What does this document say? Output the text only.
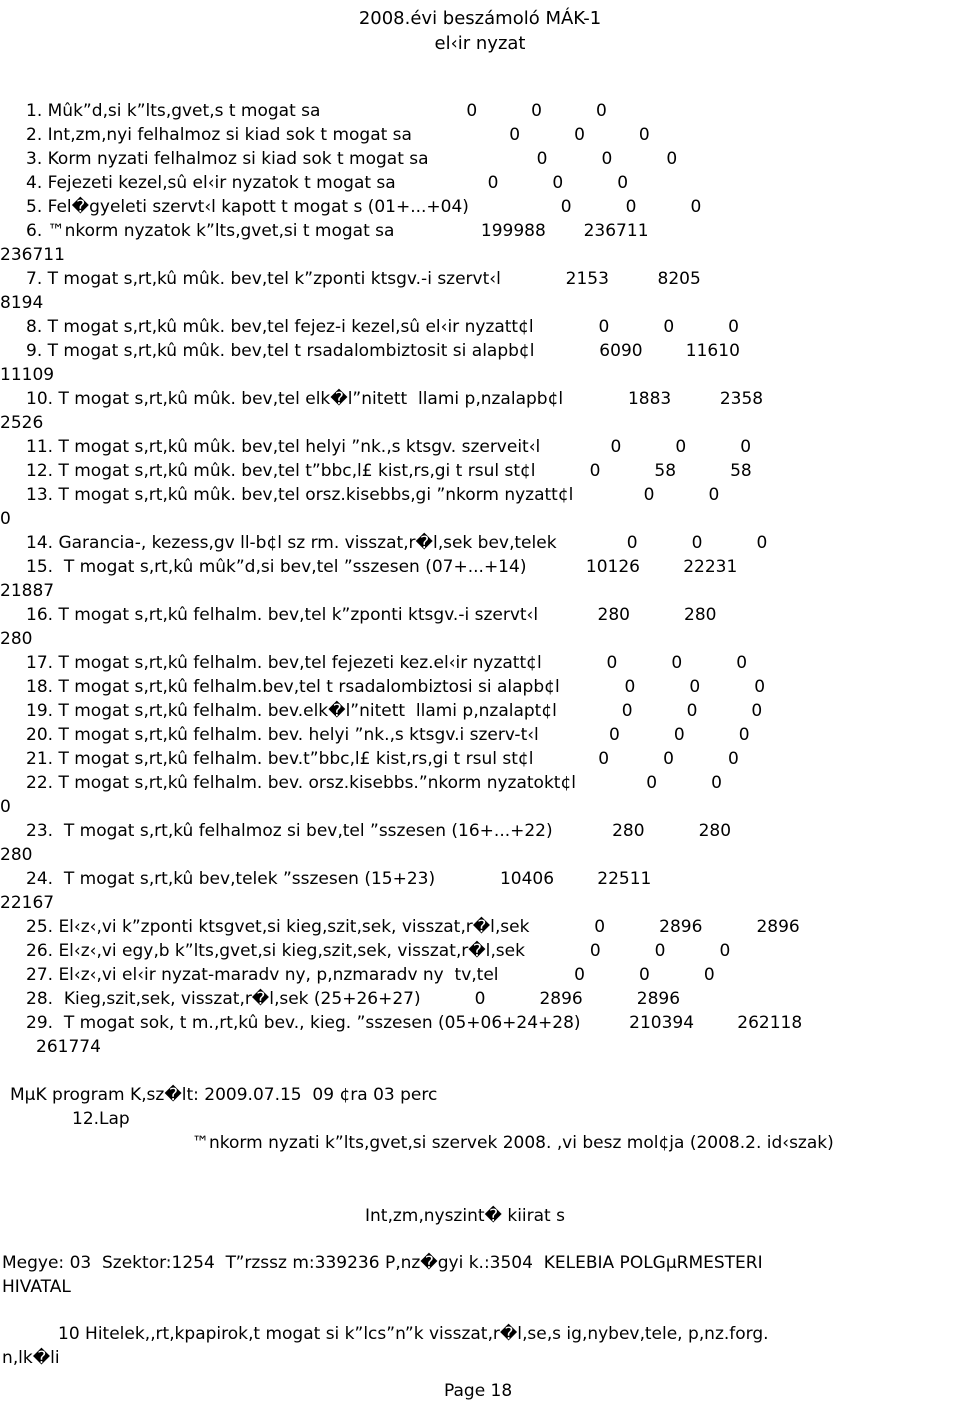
2008.évi beszámoló MÁK-1
el‹ir nyzat
1. Mûk”d‚si k”lts‚gvet‚s t mogat sa                           0          0          0
2. Int‚zm‚nyi felhalmoz si kiad sok t mogat sa                  0          0          0
3. Korm nyzati felhalmoz si kiad sok t mogat sa                    0          0          0
4. Fejezeti kezel‚sû el‹ir nyzatok t mogat sa                 0          0          0
5. Fel�gyeleti szervt‹l kapott t mogat s (01+...+04)                 0          0          0
6. ™nkorm nyzatok k”lts‚gvet‚si t mogat sa                199988       236711
236711
7. T mogat s‚rt‚kû mûk. bev‚tel k”zponti ktsgv.-i szervt‹l            2153         8205
8194
8. T mogat s‚rt‚kû mûk. bev‚tel fejez-i kezel‚sû el‹ir nyzatt¢l            0          0          0
9. T mogat s‚rt‚kû mûk. bev‚tel t rsadalombiztosit si alapb¢l            6090        11610
11109
10. T mogat s‚rt‚kû mûk. bev‚tel elk�l”nitett  llami p‚nzalapb¢l            1883         2358
2526
11. T mogat s‚rt‚kû mûk. bev‚tel helyi ”nk.‚s ktsgv. szerveit‹l             0          0          0
12. T mogat s‚rt‚kû mûk. bev‚tel t”bbc‚l£ kist‚rs‚gi t rsul st¢l          0          58          58
13. T mogat s‚rt‚kû mûk. bev‚tel orsz.kisebbs‚gi ”nkorm nyzatt¢l             0          0
0
14. Garancia-, kezess‚gv ll-b¢l sz rm. visszat‚r�l‚sek bev‚telek             0          0          0
15.  T mogat s‚rt‚kû mûk”d‚si bev‚tel ”sszesen (07+...+14)           10126        22231
21887
16. T mogat s‚rt‚kû felhalm. bev‚tel k”zponti ktsgv.-i szervt‹l           280          280
280
17. T mogat s‚rt‚kû felhalm. bev‚tel fejezeti kez.el‹ir nyzatt¢l            0          0          0
18. T mogat s‚rt‚kû felhalm.bev‚tel t rsadalombiztosi si alapb¢l            0          0          0
19. T mogat s‚rt‚kû felhalm. bev.elk�l”nitett  llami p‚nzalapt¢l            0          0          0
20. T mogat s‚rt‚kû felhalm. bev. helyi ”nk.‚s ktsgv.i szerv-t‹l             0          0          0
21. T mogat s‚rt‚kû felhalm. bev.t”bbc‚l£ kist‚rs‚gi t rsul st¢l            0          0          0
22. T mogat s‚rt‚kû felhalm. bev. orsz.kisebbs.”nkorm nyzatokt¢l             0          0
0
23.  T mogat s‚rt‚kû felhalmoz si bev‚tel ”sszesen (16+...+22)           280          280
280
24.  T mogat s‚rt‚kû bev‚telek ”sszesen (15+23)            10406        22511
22167
25. El‹z‹‚vi k”zponti ktsgvet‚si kieg‚szit‚sek, visszat‚r�l‚sek            0          2896          2896
26. El‹z‹‚vi egy‚b k”lts‚gvet‚si kieg‚szit‚sek, visszat‚r�l‚sek            0          0          0
27. El‹z‹‚vi el‹ir nyzat-maradv ny, p‚nzmaradv ny  tv‚tel              0          0          0
28.  Kieg‚szit‚sek, visszat‚r�l‚sek (25+26+27)          0          2896          2896
29.  T mogat sok, t m.‚rt‚kû bev., kieg. ”sszesen (05+06+24+28)         210394        262118
261774
MµK program K‚sz�lt: 2009.07.15  09 ¢ra 03 perc
12.Lap
™nkorm nyzati k”lts‚gvet‚si szervek 2008. ‚vi besz mol¢ja (2008.2. id‹szak)
Int‚zm‚nyszint� kiirat s
Megye: 03  Szektor:1254  T”rzssz m:339236 P‚nz�gyi k.:3504  KELEBIA POLGµRMESTERI
HIVATAL
10 Hitelek,‚rt‚kpapirok‚t mogat si k”lcs”n”k visszat‚r�l‚se‚s ig‚nybev‚tele, p‚nz.forg.
n‚lk�li
Page 18
